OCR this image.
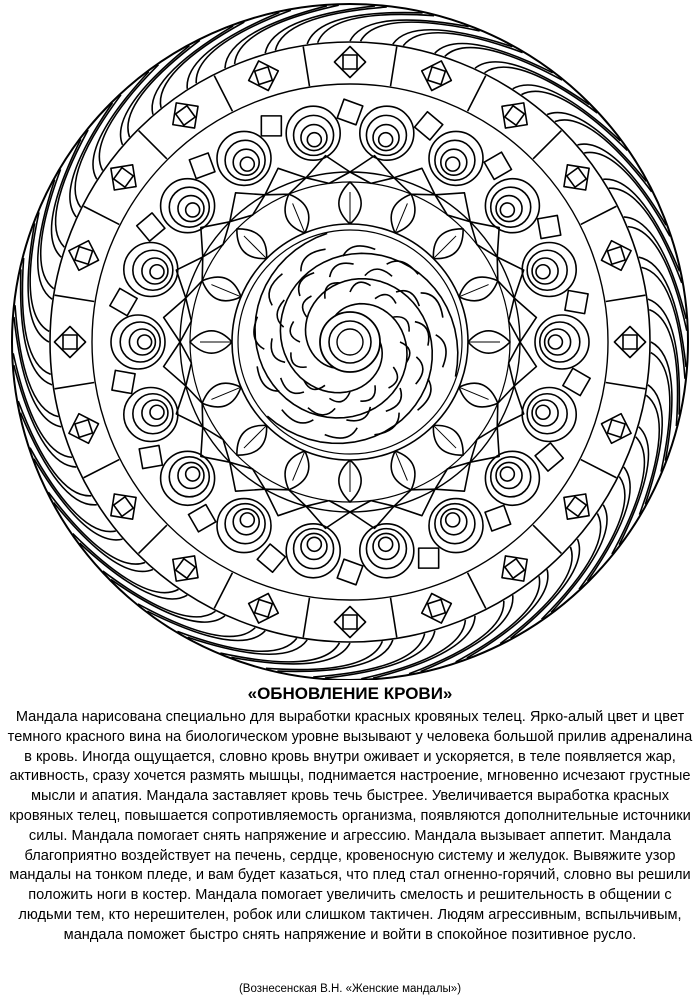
«ОБНОВЛЕНИЕ КРОВИ»

Мандала нарисована специально для выработки красных кровяных телец. Ярко-алый цвет и цвет темного красного вина на биологическом уровне вызывают у человека большой прилив адреналина в кровь. Иногда ощущается, словно кровь внутри оживает и ускоряется, в теле появляется жар, активность, сразу хочется размять мышцы, поднимается настроение, мгновенно исчезают грустные мысли и апатия. Мандала заставляет кровь течь быстрее. Увеличивается выработка красных кровяных телец, повышается сопротивляемость организма, появляются дополнительные источники силы. Мандала помогает снять напряжение и агрессию. Мандала вызывает аппетит. Мандала благоприятно воздействует на печень, сердце, кровеносную систему и желудок. Вывяжите узор мандалы на тонком пледе, и вам будет казаться, что плед стал огненно-горячий, словно вы решили положить ноги в костер. Мандала помогает увеличить смелость и решительность в общении с людьми тем, кто нерешителен, робок или слишком тактичен. Людям агрессивным, вспыльчивым, мандала поможет быстро снять напряжение и войти в спокойное позитивное русло.

(Вознесенская В.Н. «Женские мандалы»)
